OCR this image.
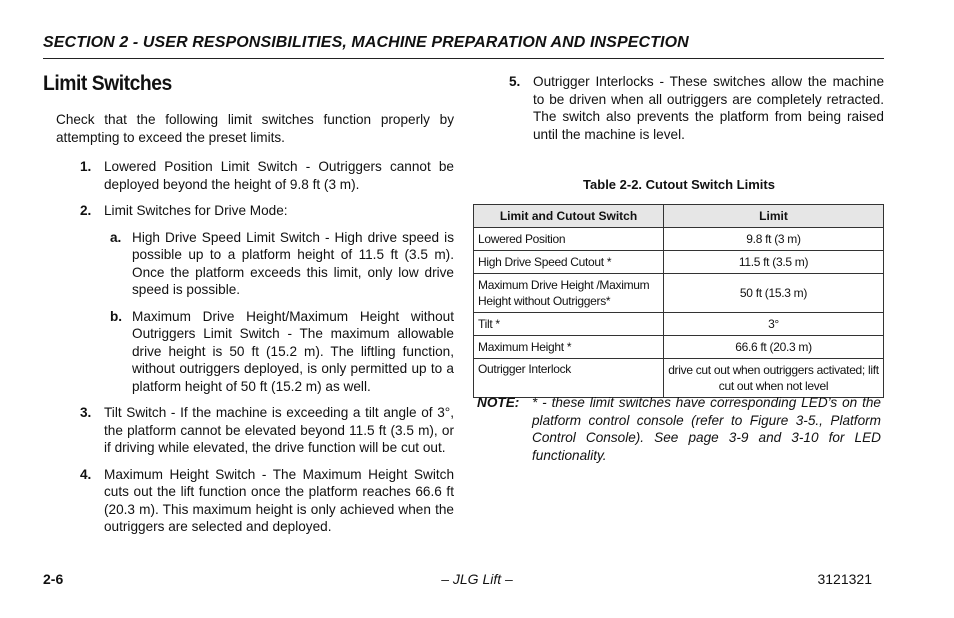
SECTION 2 - USER RESPONSIBILITIES, MACHINE PREPARATION AND INSPECTION
Limit Switches

Check that the following limit switches function properly by attempting to exceed the preset limits.

1. Lowered Position Limit Switch - Outriggers cannot be deployed beyond the height of 9.8 ft (3 m).
2. Limit Switches for Drive Mode:
a. High Drive Speed Limit Switch - High drive speed is possible up to a platform height of 11.5 ft (3.5 m). Once the platform exceeds this limit, only low drive speed is possible.
b. Maximum Drive Height/Maximum Height without Outriggers Limit Switch - The maximum allowable drive height is 50 ft (15.2 m). The liftling function, without outriggers deployed, is only permitted up to a platform height of 50 ft (15.2 m) as well.
3. Tilt Switch - If the machine is exceeding a tilt angle of 3°, the platform cannot be elevated beyond 11.5 ft (3.5 m), or if driving while elevated, the drive function will be cut out.
4. Maximum Height Switch - The Maximum Height Switch cuts out the lift function once the platform reaches 66.6 ft (20.3 m). This maximum height is only achieved when the outriggers are selected and deployed.
5. Outrigger Interlocks - These switches allow the machine to be driven when all outriggers are completely retracted. The switch also prevents the platform from being raised until the machine is level.
Table 2-2. Cutout Switch Limits
Limit and Cutout Switch	Limit
Lowered Position	9.8 ft (3 m)
High Drive Speed Cutout *	11.5 ft (3.5 m)
Maximum Drive Height /Maximum Height without Outriggers*	50 ft (15.3 m)
Tilt *	3°
Maximum Height *	66.6 ft (20.3 m)
Outrigger Interlock	drive cut out when outriggers activated; lift cut out when not level
NOTE: * - these limit switches have corresponding LED’s on the platform control console (refer to Figure 3-5., Platform Control Console). See page 3-9 and 3-10 for LED functionality.
2-6	– JLG Lift –	3121321
